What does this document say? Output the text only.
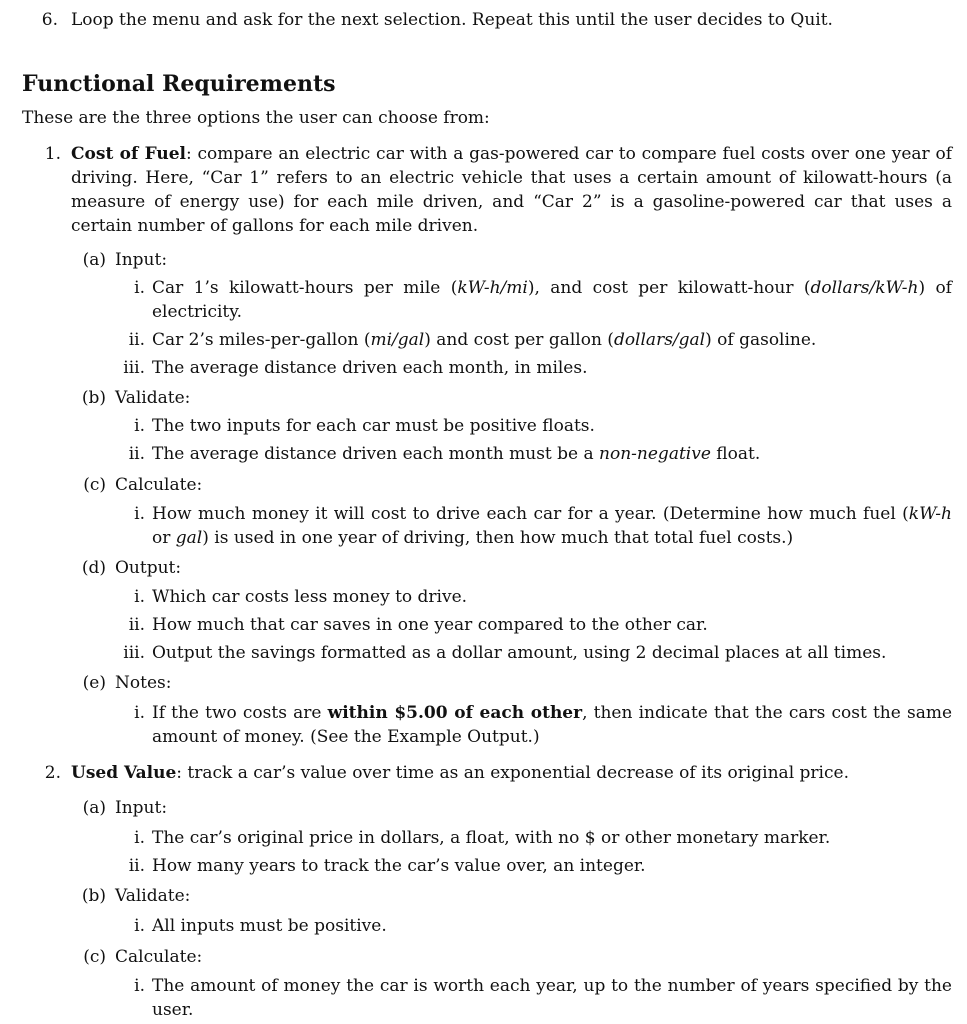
6. Loop the menu and ask for the next selection. Repeat this until the user decides to Quit.
Functional Requirements
These are the three options the user can choose from:
1. Cost of Fuel: compare an electric car with a gas-powered car to compare fuel costs over one year of driving. Here, “Car 1” refers to an electric vehicle that uses a certain amount of kilowatt-hours (a measure of energy use) for each mile driven, and “Car 2” is a gasoline-powered car that uses a certain number of gallons for each mile driven.
(a) Input:
i. Car 1’s kilowatt-hours per mile (kW-h/mi), and cost per kilowatt-hour (dollars/kW-h) of electricity.
ii. Car 2’s miles-per-gallon (mi/gal) and cost per gallon (dollars/gal) of gasoline.
iii. The average distance driven each month, in miles.
(b) Validate:
i. The two inputs for each car must be positive floats.
ii. The average distance driven each month must be a non-negative float.
(c) Calculate:
i. How much money it will cost to drive each car for a year. (Determine how much fuel (kW-h or gal) is used in one year of driving, then how much that total fuel costs.)
(d) Output:
i. Which car costs less money to drive.
ii. How much that car saves in one year compared to the other car.
iii. Output the savings formatted as a dollar amount, using 2 decimal places at all times.
(e) Notes:
i. If the two costs are within $5.00 of each other, then indicate that the cars cost the same amount of money. (See the Example Output.)
2. Used Value: track a car’s value over time as an exponential decrease of its original price.
(a) Input:
i. The car’s original price in dollars, a float, with no $ or other monetary marker.
ii. How many years to track the car’s value over, an integer.
(b) Validate:
i. All inputs must be positive.
(c) Calculate:
i. The amount of money the car is worth each year, up to the number of years specified by the user.
